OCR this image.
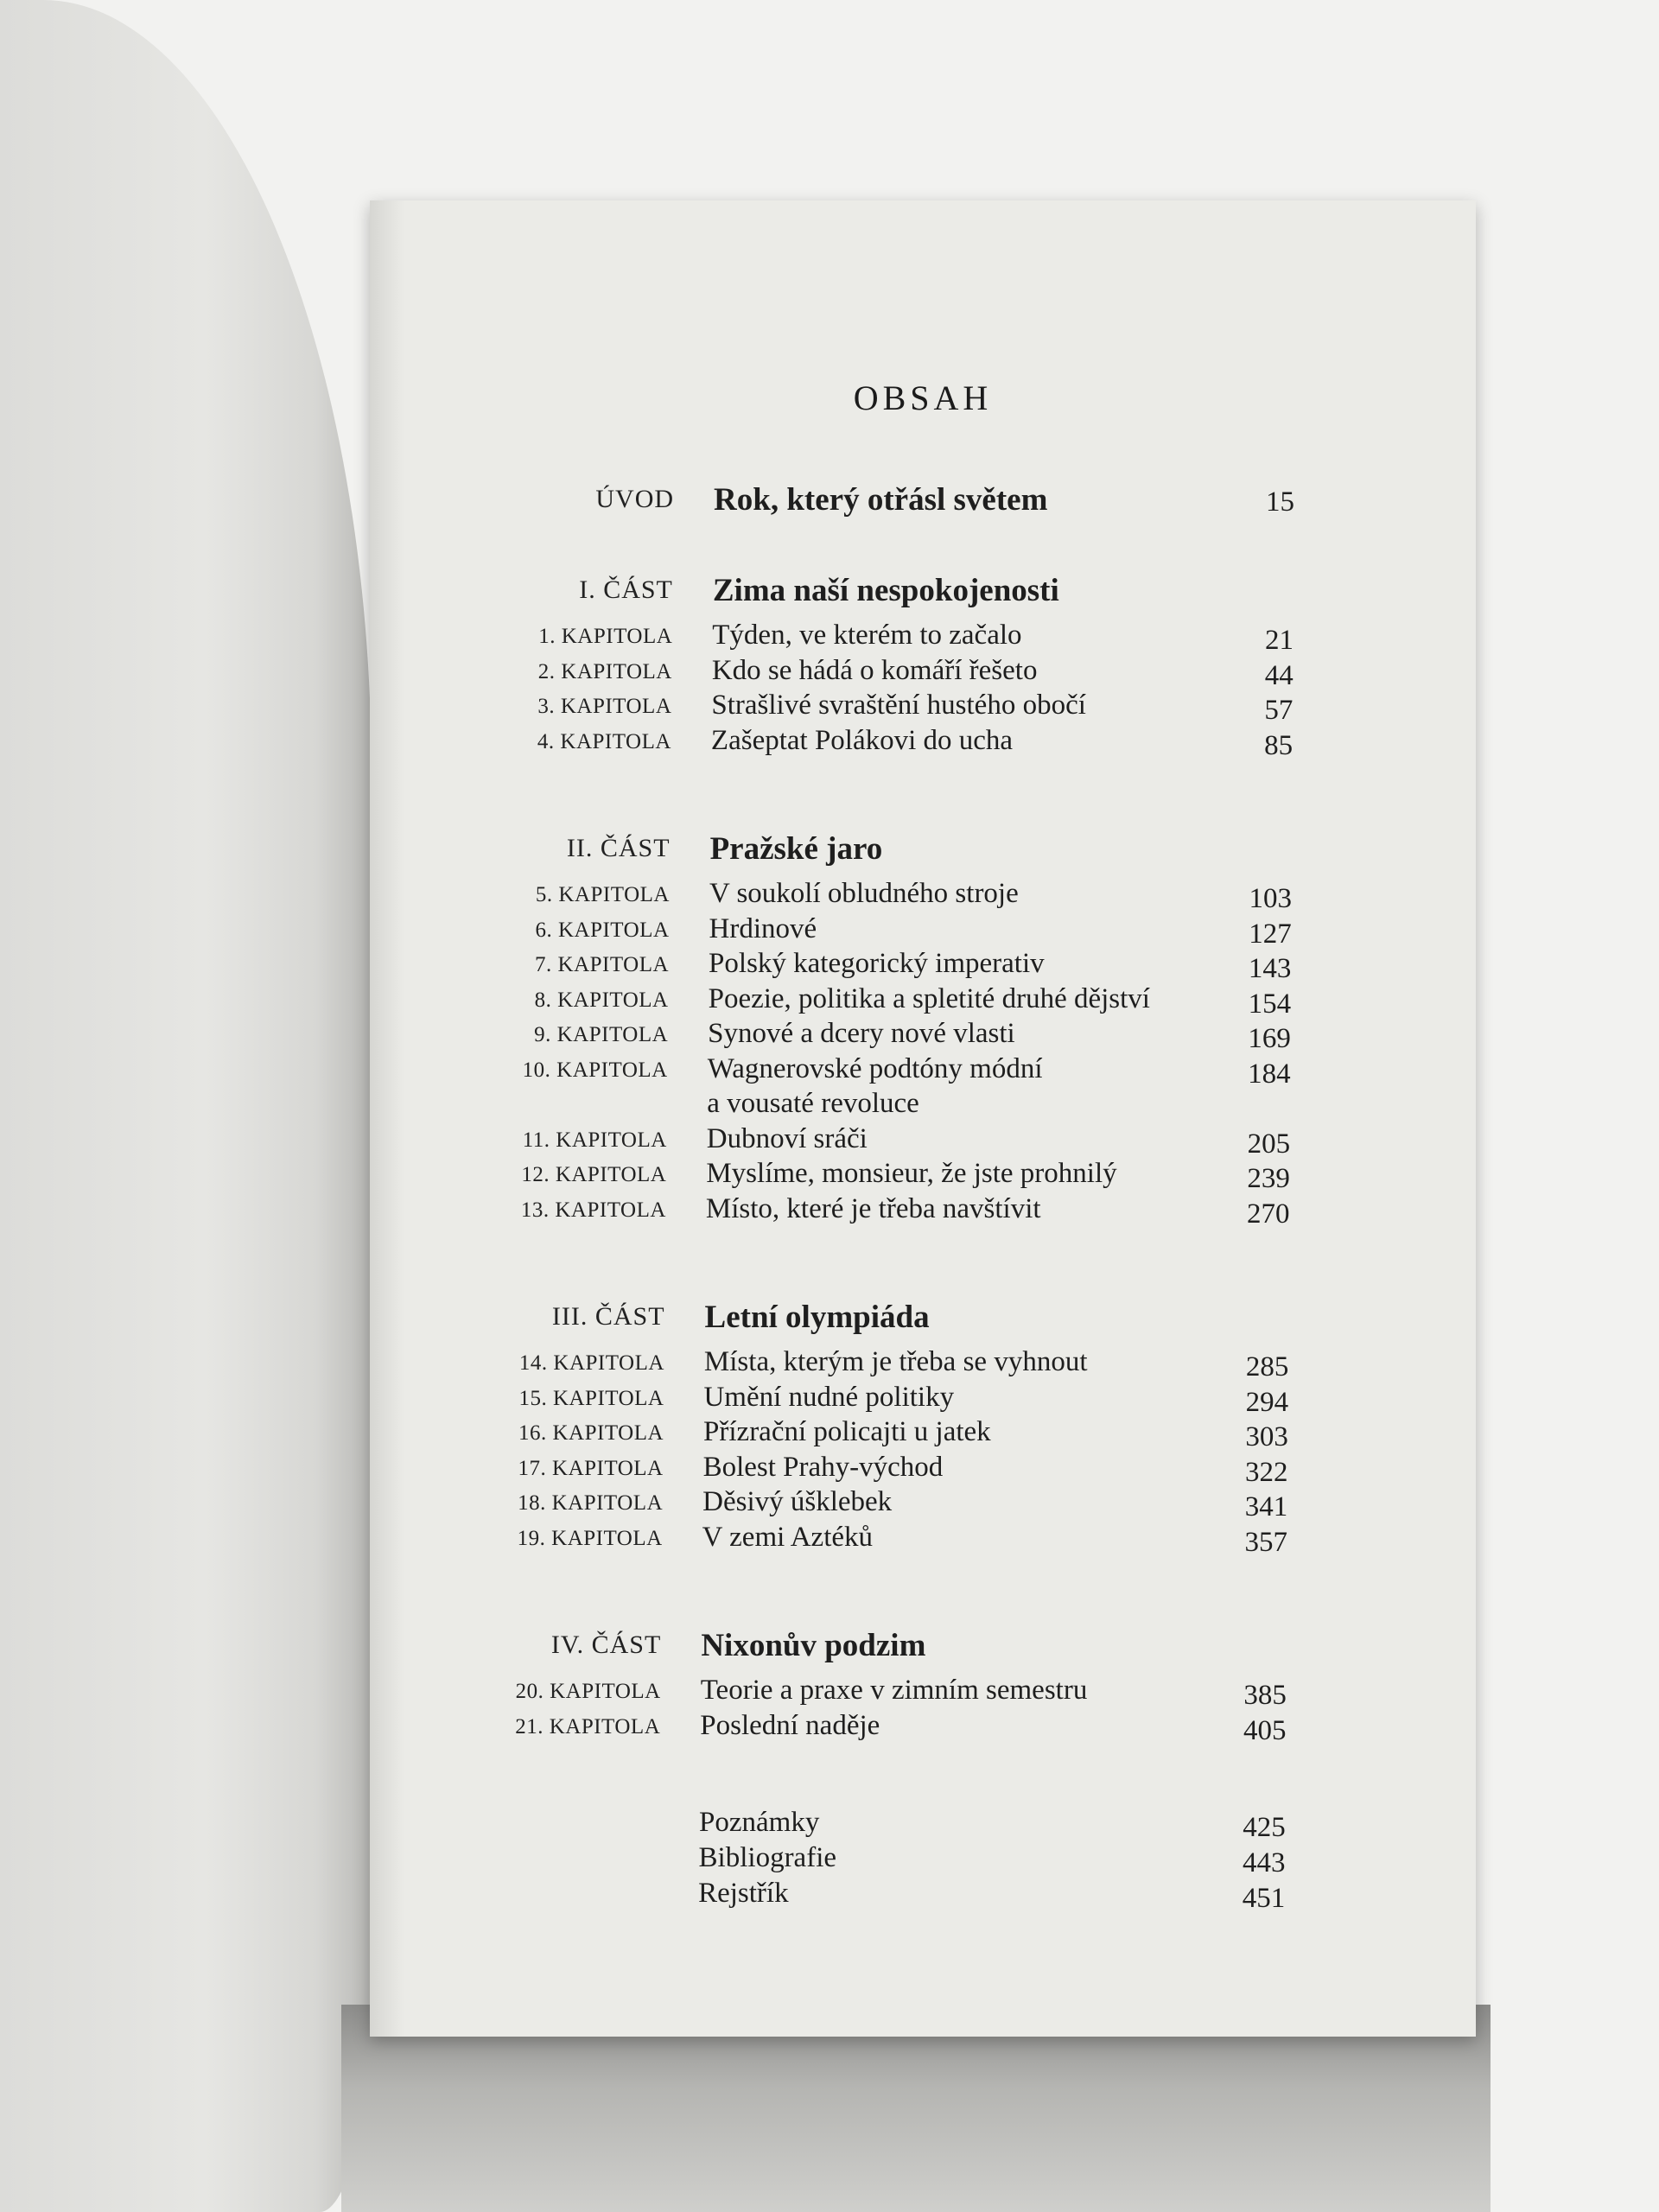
OBSAH
ÚVOD Rok, který otřásl světem	15
I. ČÁST Zima naší nespokojenosti
1. KAPITOLA Týden, ve kterém to začalo	21
2. KAPITOLA Kdo se hádá o komáří řešeto	44
3. KAPITOLA Strašlivé svraštění hustého obočí	57
4. KAPITOLA Zašeptat Polákovi do ucha	85
II. ČÁST Pražské jaro
5. KAPITOLA V soukolí obludného stroje	103
6. KAPITOLA Hrdinové	127
7. KAPITOLA Polský kategorický imperativ	143
8. KAPITOLA Poezie, politika a spletité druhé dějství	154
9. KAPITOLA Synové a dcery nové vlasti	169
10. KAPITOLA Wagnerovské podtóny módní	184
a vousaté revoluce
11. KAPITOLA Dubnoví sráči	205
12. KAPITOLA Myslíme, monsieur, že jste prohnilý	239
13. KAPITOLA Místo, které je třeba navštívit	270
III. ČÁST Letní olympiáda
14. KAPITOLA Místa, kterým je třeba se vyhnout	285
15. KAPITOLA Umění nudné politiky	294
16. KAPITOLA Přízrační policajti u jatek	303
17. KAPITOLA Bolest Prahy-východ	322
18. KAPITOLA Děsivý úšklebek	341
19. KAPITOLA V zemi Aztéků	357
IV. ČÁST Nixonův podzim
20. KAPITOLA Teorie a praxe v zimním semestru	385
21. KAPITOLA Poslední naděje	405
Poznámky	425
Bibliografie	443
Rejstřík	451
